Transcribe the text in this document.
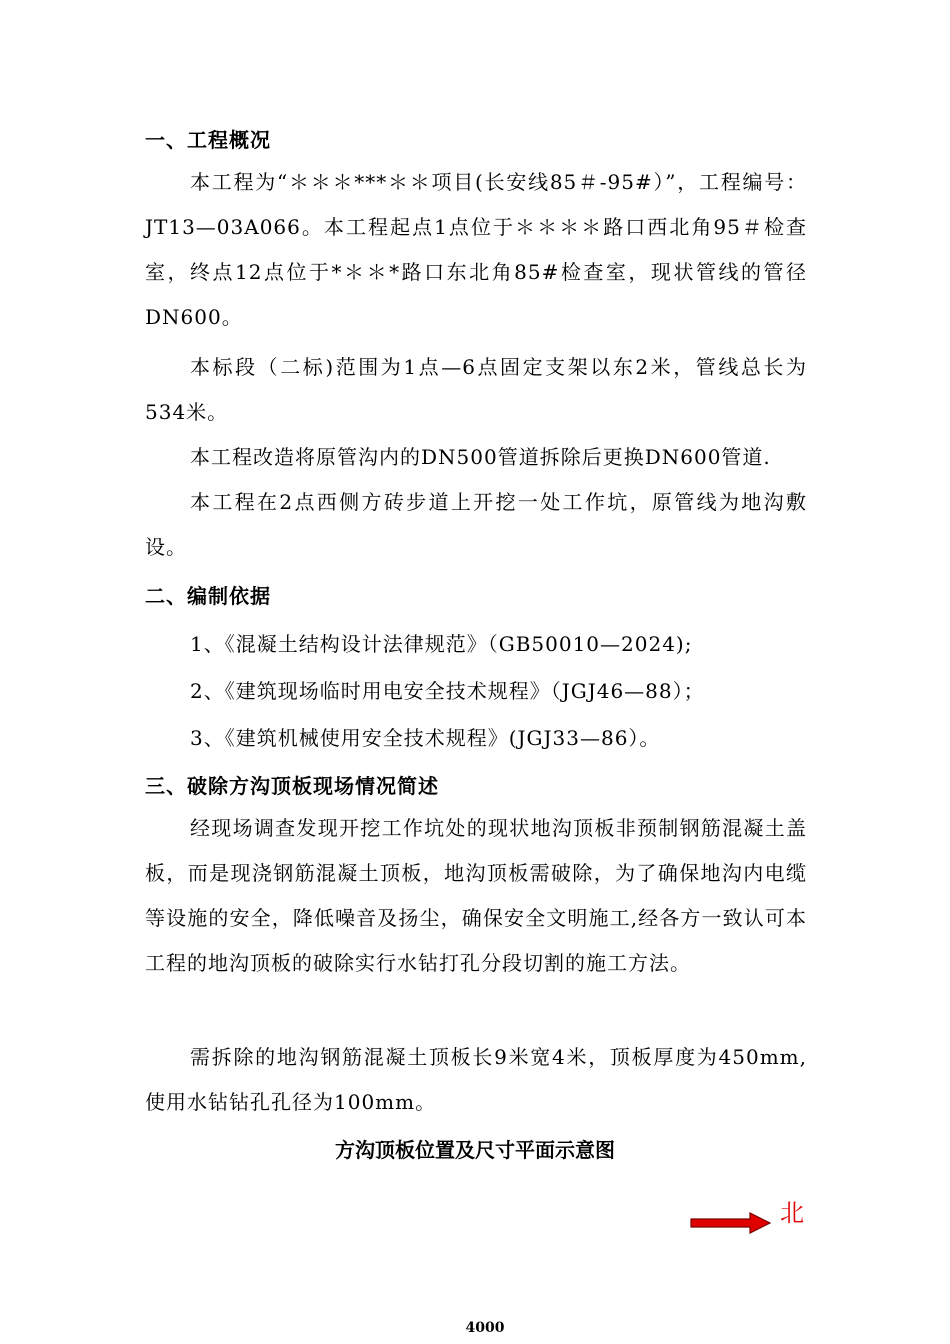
一、工程概况
本工程为“＊＊＊***＊＊项目(长安线85＃-95#）”，工程编号：JT13—03A066。本工程起点1点位于＊＊＊＊路口西北角95＃检查室，终点12点位于*＊＊*路口东北角85#检查室，现状管线的管径DN600。
本标段（二标)范围为1点—6点固定支架以东2米，管线总长为 534米。
本工程改造将原管沟内的DN500管道拆除后更换DN600管道.
本工程在2点西侧方砖步道上开挖一处工作坑，原管线为地沟敷设。
二、编制依据
1、《混凝土结构设计法律规范》（GB50010—2024);
2、《建筑现场临时用电安全技术规程》（JGJ46—88）；
3、《建筑机械使用安全技术规程》(JGJ33—86）。
三、破除方沟顶板现场情况简述
经现场调查发现开挖工作坑处的现状地沟顶板非预制钢筋混凝土盖板，而是现浇钢筋混凝土顶板，地沟顶板需破除，为了确保地沟内电缆等设施的安全，降低噪音及扬尘，确保安全文明施工,经各方一致认可本工程的地沟顶板的破除实行水钻打孔分段切割的施工方法。
需拆除的地沟钢筋混凝土顶板长9米宽4米，顶板厚度为450mm,使用水钻钻孔孔径为100mm。
方沟顶板位置及尺寸平面示意图
北
4000
